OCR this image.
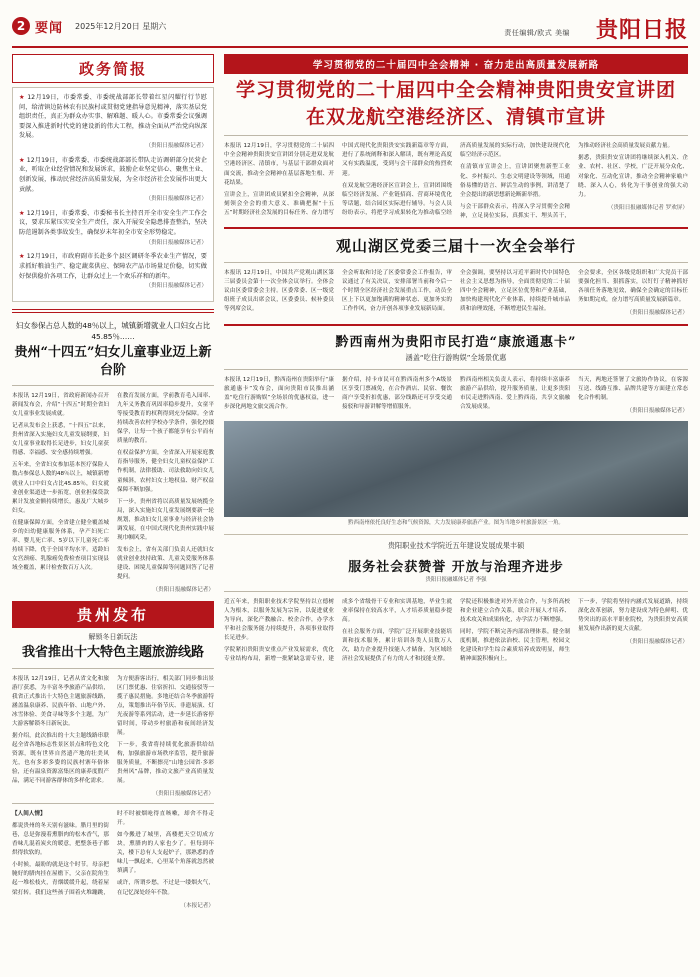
2 要闻 2025年12月20日 星期六
责任编辑/欧式 美编 贵阳日报
政务简报
★ 12月19日，市委常委、市委统战部部长带着红星闪耀行行节慰问，给清镇边防林农有民族村或贯彻党建指导意见精神，落实基层党组织责任，真正为群众办实事、解难题、暖人心。市委常委会议强调要深入推进新时代党的建设新的伟大工程，推动全面从严治党向纵深发展。
（贵阳日报融媒体记者）
★ 12月19日，市委常委、市委统战部部长带队走访调研部分民营企业，听取企业经营情况和发展诉求，鼓励企业坚定信心、聚焦主业、创新发展，推动民营经济高质量发展，为全市经济社会发展作出更大贡献。
（贵阳日报融媒体记者）
★ 12月19日，市委常委、市委秘书长主持召开全市安全生产工作会议，要求压紧压实安全生产责任，深入开展安全隐患排查整治，坚决防范遏制各类事故发生，确保岁末年初全市安全形势稳定。
（贵阳日报融媒体记者）
★ 12月19日，市政府副市长赴多个县区调研冬季农业生产情况，要求抓好粮油生产、稳定蔬菜供应、保障农产品市场量足价稳，切实做好保供稳价各项工作，让群众过上一个欢乐祥和的新年。
（贵阳日报融媒体记者）
妇女参保占总人数的48％以上，城镇新增就业人口妇女占比45.85％……
贵州“十四五”妇女儿童事业迈上新台阶

本报讯 12月19日，省政府新闻办召开新闻发布会，介绍“十四五”时期全省妇女儿童事业发展成就。

记者从发布会上获悉，“十四五”以来，贵州省深入实施妇女儿童发展纲要，妇女儿童事业取得长足进步，妇女儿童获得感、幸福感、安全感持续增强。

五年来，全省妇女参加基本医疗保险人数占参保总人数的48％以上，城镇新增就业人口中妇女占比45.85％，妇女就业创业渠道进一步拓宽，创业担保贷款累计发放金额持续增长，惠及广大城乡妇女。

在健康保障方面，全省建立健全覆盖城乡的妇幼健康服务体系，孕产妇死亡率、婴儿死亡率、5岁以下儿童死亡率持续下降，优于全国平均水平。适龄妇女宫颈癌、乳腺癌免费检查项目实现县域全覆盖，累计检查数百万人次。

在教育发展方面，学前教育毛入园率、九年义务教育巩固率稳步提升，女童平等接受教育的权利得到充分保障。全省持续改善农村学校办学条件，强化控辍保学，让每一个孩子都能享有公平而有质量的教育。

在权益保护方面，全省深入开展家庭教育指导服务，健全妇女儿童权益保护工作机制，法律援助、司法救助向妇女儿童倾斜，农村妇女土地权益、财产权益保障不断加强。

下一步，贵州省将以高质量发展统揽全局，深入实施妇女儿童发展纲要新一轮规划，推动妇女儿童事业与经济社会协调发展，在中国式现代化贵州实践中展现巾帼风采。

发布会上，省有关部门负责人还就妇女就业创业扶持政策、儿童关爱服务体系建设、困境儿童保障等问题回答了记者提问。

（贵阳日报融媒体记者）

贵州发布
解锁冬日新玩法
我省推出十大特色主题旅游线路

本报讯 12月19日，记者从省文化和旅游厅获悉，为丰富冬季旅游产品供给，我省正式推出十大特色主题旅游线路，涵盖温泉康养、民族年俗、山地户外、冰雪体验、美食寻味等多个主题，为广大游客解锁冬日新玩法。

据介绍，此次推出的十大主题线路串联起全省各地标志性景区景点和特色文化资源，既有世界自然遗产地的壮美风光，也有多彩多姿的民族村寨年俗体验，还有温泉资源富集区的康养度假产品，满足不同游客群体的多样化需求。

为方便游客出行，相关部门同步推出景区门票优惠、住宿折扣、交通接驳等一揽子惠民措施。多地还结合冬季旅游特点，策划推出年俗节庆、非遗展演、灯光夜游等系列活动，进一步延长游客停留时间，带动乡村旅游和夜间经济发展。

下一步，我省将持续优化旅游供给结构，加强旅游市场秩序监管，提升旅游服务质量，不断擦亮“山地公园省·多彩贵州风”品牌，推动文旅产业高质量发展。

（贵阳日报融媒体记者）

【人间人情】

都说贵州的冬天别有滋味。腊月里的街巷，总是弥漫着熏腊肉的松木香气，那香味儿混着炭火的暖意，把整条巷子都烘得软软的。

小时候，最盼的就是这个时节。母亲把腌好的腊肉挂在屋檐下，父亲在院角生起一堆松枝火，青烟缓缓升起，绕着屋梁打转。我们这些孩子围着火堆蹦跳，时不时被烟呛得直咳嗽，却舍不得走开。

如今搬进了城里，高楼把天空切成方块，熏腊肉的人家也少了。但每到年关，楼下总有人支起炉子，那熟悉的香味儿一飘起来，心里某个角落就忽然被填满了。

或许，所谓乡愁，不过是一缕烟火气，在记忆深处经年不散。

（本报记者）

学习贯彻党的二十届四中全会精神 · 奋力走出高质量发展新路
学习贯彻党的二十届四中全会精神贵阳贵安宣讲团
在双龙航空港经济区、清镇市宣讲

本报讯 12月19日，学习贯彻党的二十届四中全会精神贵阳贵安宣讲团分别走进双龙航空港经济区、清镇市，与基层干部群众面对面交流，推动全会精神在基层落地生根、开花结果。

宣讲会上，宣讲团成员紧扣全会精神，从深刻领会全会的重大意义、准确把握“十五五”时期经济社会发展的目标任务、奋力谱写中国式现代化贵阳贵安实践新篇章等方面，进行了系统阐释和深入解读，既有理论高度又有实践温度，受到与会干部群众的热烈欢迎。

在双龙航空港经济区宣讲会上，宣讲团围绕临空经济发展、产业链招商、营商环境优化等话题，结合园区实际进行辅导。与会人员纷纷表示，将把学习成果转化为推动临空经济高质量发展的实际行动，加快建设现代化临空经济示范区。

在清镇市宣讲会上，宣讲团聚焦新型工业化、乡村振兴、生态文明建设等领域，用通俗易懂的语言、鲜活生动的事例，讲清楚了全会提出的新思想新论断新举措。

与会干部群众表示，将深入学习贯彻全会精神，立足岗位实际，真抓实干、埋头苦干，为推动经济社会高质量发展贡献力量。

据悉，贵阳贵安宣讲团将继续深入机关、企业、农村、社区、学校，广泛开展分众化、对象化、互动化宣讲，推动全会精神家喻户晓、深入人心，转化为干事创业的强大动力。

（贵阳日报融媒体记者 罗欢屏）

观山湖区党委三届十一次全会举行

本报讯 12月19日，中国共产党观山湖区第三届委员会第十一次全体会议举行。全体会议由区委常委会主持。区委常委、区一级党组班子成员出席会议，区委委员、候补委员等列席会议。

全会听取和讨论了区委常委会工作报告，审议通过了有关决议，安排部署当前和今后一个时期全区经济社会发展重点工作，动员全区上下以更加饱满的精神状态、更加务实的工作作风，奋力开创各项事业发展新局面。

全会强调，要坚持以习近平新时代中国特色社会主义思想为指导，全面贯彻党的二十届四中全会精神，立足区位优势和产业基础，加快构建现代化产业体系，持续提升城市品质和治理效能，不断增进民生福祉。

全会要求，全区各级党组织和广大党员干部要强化担当、狠抓落实，以钉钉子精神抓好各项任务落地见效，确保全会确定的目标任务如期完成，奋力谱写高质量发展新篇章。

（贵阳日报融媒体记者）

黔西南州为贵阳市民打造“康旅通惠卡”
涵盖“吃住行游购娱”全场景优惠

本报讯 12月19日，黔西南州在贵阳举行“康旅通惠卡”发布会，面向贵阳市民推出涵盖“吃住行游购娱”全场景的优惠权益，进一步深化两地文旅交流合作。

据介绍，持卡市民可在黔西南州多个A级景区享受门票减免，在合作酒店、民宿、餐饮商户享受折扣优惠，部分线路还可享受交通接驳和导游讲解等增值服务。

黔西南州相关负责人表示，将持续丰富康养旅游产品供给，提升服务质量，让更多贵阳市民走进黔西南、爱上黔西南，共享文旅融合发展成果。

当天，两地还签署了文旅协作协议，在客源互送、线路互推、品牌共建等方面建立常态化合作机制。

（贵阳日报融媒体记者）

黔西南州依托良好生态和气候资源，大力发展康养旅游产业。图为当地乡村旅游景区一角。
贵阳职业技术学院近五年建设发展成果丰硕
服务社会获赞誉 开放与治理齐进步
贵阳日报融媒体记者 李强

近五年来，贵阳职业技术学院坚持以立德树人为根本，以服务发展为宗旨，以促进就业为导向，深化产教融合、校企合作，办学水平和社会服务能力持续提升，各项事业取得长足进步。

学院紧扣贵阳贵安重点产业发展需求，优化专业结构布局，新增一批紧缺急需专业，建成多个省级骨干专业和实训基地，毕业生就业率保持在较高水平，人才培养质量稳步提高。

在社会服务方面，学院广泛开展职业技能培训和技术服务，累计培训各类人员数万人次，助力企业提升技能人才储备，为区域经济社会发展提供了有力的人才和技能支撑。

学院还积极推进对外开放合作，与多所高校和企业建立合作关系，联合开展人才培养、技术攻关和成果转化，办学活力不断增强。

同时，学院不断完善内部治理体系，健全制度机制，推进依法治校、民主管理，校园文化建设和学生综合素质培养成效明显，师生精神面貌积极向上。

下一步，学院将坚持内涵式发展道路，持续深化改革创新，努力建设成为特色鲜明、优势突出的高水平职业院校，为贵阳贵安高质量发展作出新的更大贡献。

（贵阳日报融媒体记者）
